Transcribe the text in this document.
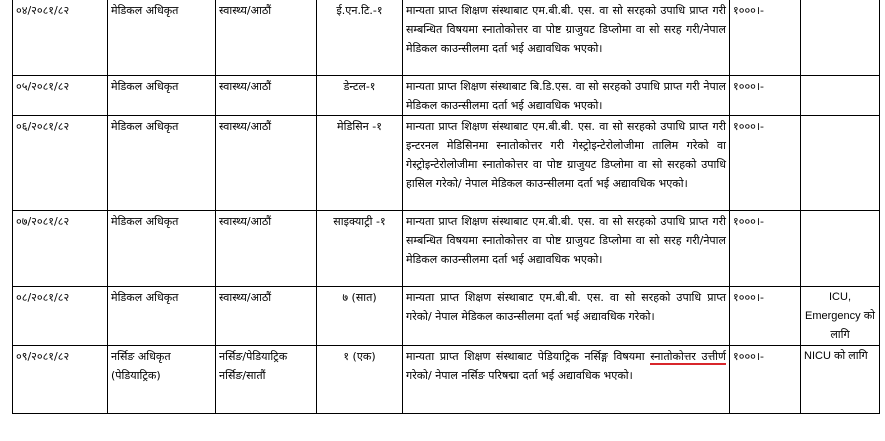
०४/२०८१/८२	मेडिकल अधिकृत	स्वास्थ्य/आठौं	ई.एन.टि.-१	मान्यता प्राप्त शिक्षण संस्थाबाट एम.बी.बी. एस. वा सो सरहको उपाधि प्राप्त गरी सम्बन्धित विषयमा स्नातोकोत्तर वा पोष्ट ग्राजुयट डिप्लोमा वा सो सरह गरी/नेपाल मेडिकल काउन्सीलमा दर्ता भई अद्यावधिक भएको।	१०००।-	
०५/२०८१/८२	मेडिकल अधिकृत	स्वास्थ्य/आठौं	डेन्टल-१	मान्यता प्राप्त शिक्षण संस्थाबाट बि.डि.एस. वा सो सरहको उपाधि प्राप्त गरी नेपाल मेडिकल काउन्सीलमा दर्ता भई अद्यावधिक भएको।	१०००।-	
०६/२०८१/८२	मेडिकल अधिकृत	स्वास्थ्य/आठौं	मेडिसिन -१	मान्यता प्राप्त शिक्षण संस्थाबाट एम.बी.बी. एस. वा सो सरहको उपाधि प्राप्त गरी इन्टरनल मेडिसिनमा स्नातोकोत्तर गरी गेस्ट्रोइन्टेरोलोजीमा तालिम गरेको वा गेस्ट्रोइन्टेरोलोजीमा स्नातोकोत्तर वा पोष्ट ग्राजुयट डिप्लोमा वा सो सरहको उपाधि हासिल गरेको/ नेपाल मेडिकल काउन्सीलमा दर्ता भई अद्यावधिक भएको।	१०००।-	
०७/२०८१/८२	मेडिकल अधिकृत	स्वास्थ्य/आठौं	साइक्याट्री -१	मान्यता प्राप्त शिक्षण संस्थाबाट एम.बी.बी. एस. वा सो सरहको उपाधि प्राप्त गरी सम्बन्धित विषयमा स्नातोकोत्तर वा पोष्ट ग्राजुयट डिप्लोमा वा सो सरह गरी/नेपाल मेडिकल काउन्सीलमा दर्ता भई अद्यावधिक भएको।	१०००।-	
०८/२०८१/८२	मेडिकल अधिकृत	स्वास्थ्य/आठौं	७ (सात)	मान्यता प्राप्त शिक्षण संस्थाबाट एम.बी.बी. एस. वा सो सरहको उपाधि प्राप्त गरेको/ नेपाल मेडिकल काउन्सीलमा दर्ता भई अद्यावधिक गरेको।	१०००।-	ICU, Emergency को लागि
०९/२०८१/८२	नर्सिङ अधिकृत (पेडियाट्रिक)	नर्सिङ/पेडियाट्रिक नर्सिङ/सातौं	१ (एक)	मान्यता प्राप्त शिक्षण संस्थाबाट पेडियाट्रिक नर्सिङ्ग विषयमा स्नातोकोत्तर उत्तीर्ण गरेको/ नेपाल नर्सिङ परिषद्मा दर्ता भई अद्यावधिक भएको।	१०००।-	NICU को लागि
